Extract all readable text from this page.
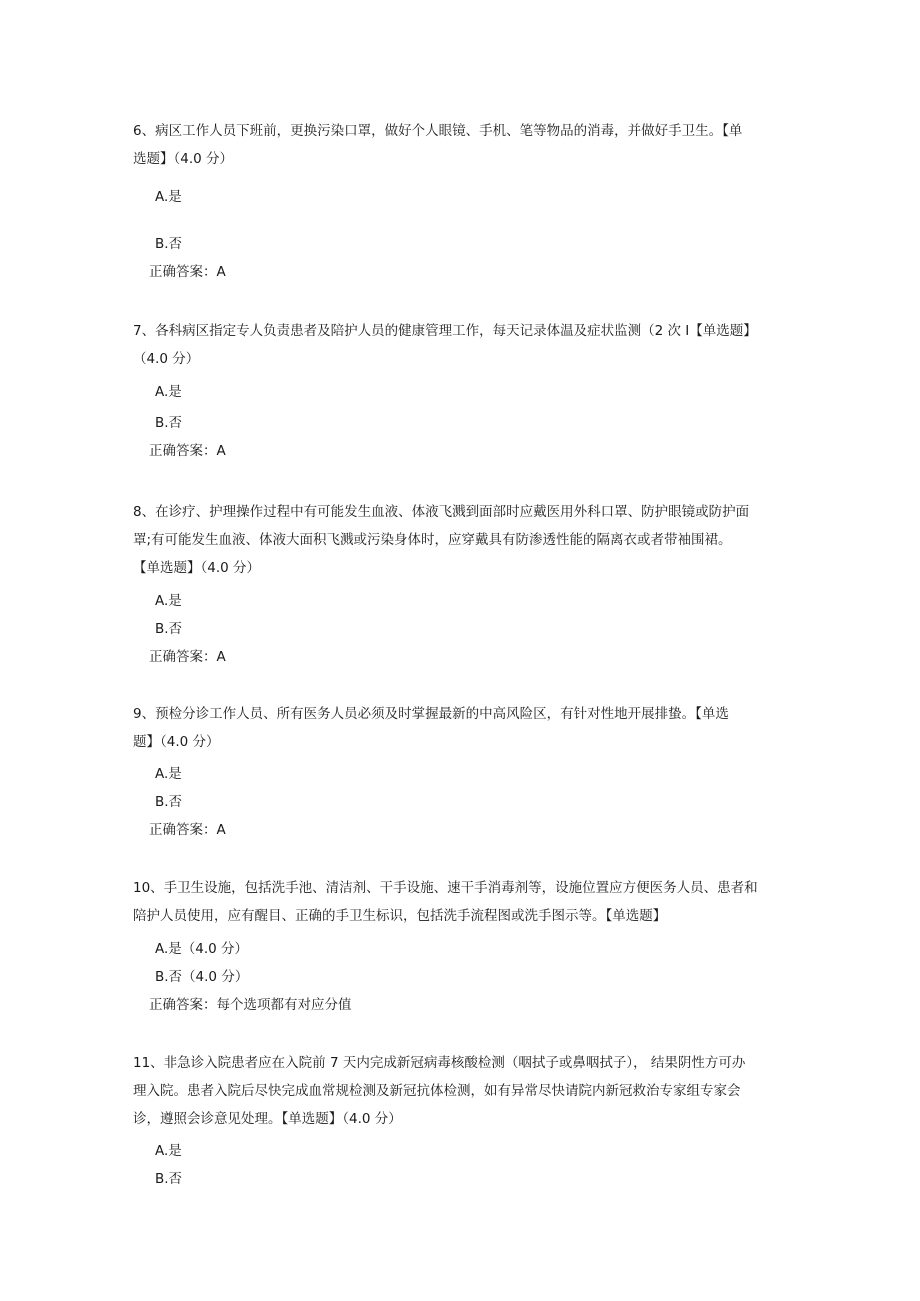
6、病区工作人员下班前，更换污染口罩，做好个人眼镜、手机、笔等物品的消毒，并做好手卫生。【单
选题】（4.0 分）
A.是
B.否
正确答案：A
7、各科病区指定专人负责患者及陪护人员的健康管理工作，每天记录体温及症状监测（2 次 I【单选题】
（4.0 分）
A.是
B.否
正确答案：A
8、在诊疗、护理操作过程中有可能发生血液、体液飞溅到面部时应戴医用外科口罩、防护眼镜或防护面
罩;有可能发生血液、体液大面积飞溅或污染身体时，应穿戴具有防渗透性能的隔离衣或者带袖围裙。
【单选题】（4.0 分）
A.是
B.否
正确答案：A
9、预检分诊工作人员、所有医务人员必须及时掌握最新的中高风险区，有针对性地开展排蛰。【单选
题】（4.0 分）
A.是
B.否
正确答案：A
10、手卫生设施，包括洗手池、清洁剂、干手设施、速干手消毒剂等，设施位置应方便医务人员、患者和
陪护人员使用，应有醒目、正确的手卫生标识，包括洗手流程图或洗手图示等。【单选题】
A.是（4.0 分）
B.否（4.0 分）
正确答案：每个选项都有对应分值
11、非急诊入院患者应在入院前 7 天内完成新冠病毒核酸检测（咽拭子或鼻咽拭子）， 结果阴性方可办
理入院。患者入院后尽快完成血常规检测及新冠抗体检测，如有异常尽快请院内新冠救治专家组专家会
诊，遵照会诊意见处理。【单选题】（4.0 分）
A.是
B.否
